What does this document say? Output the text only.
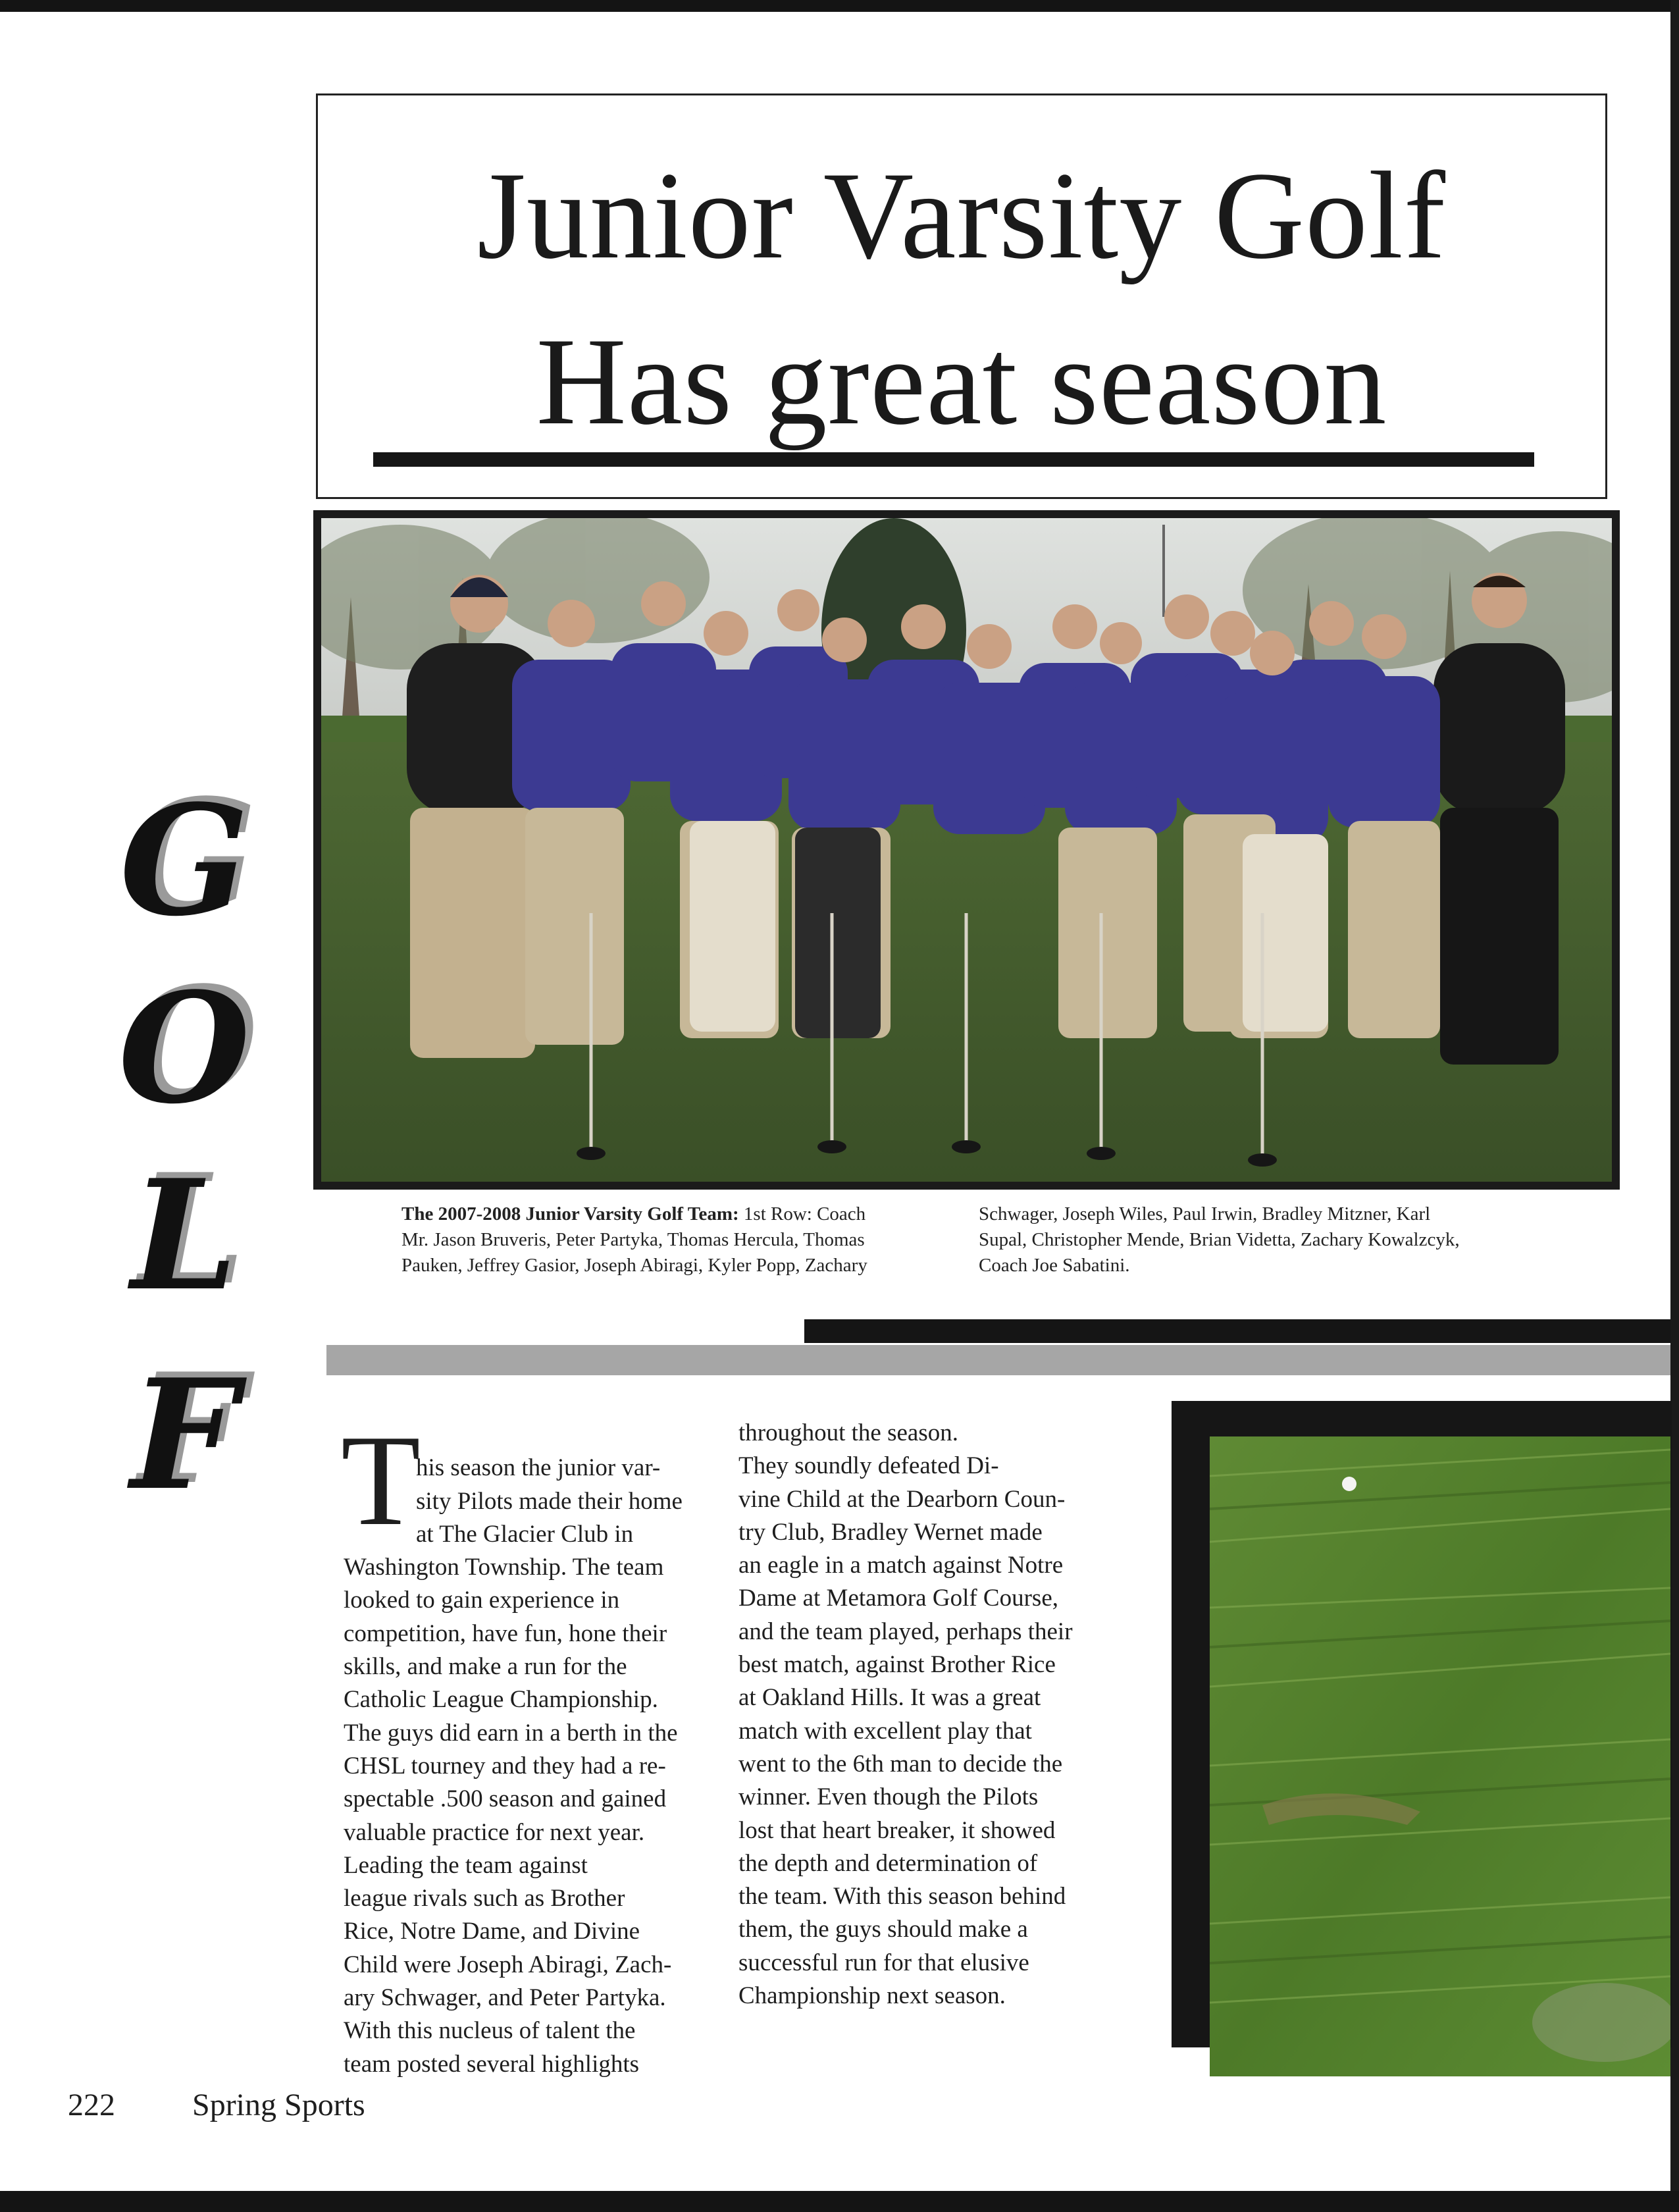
Junior Varsity Golf
Has great season

The 2007-2008 Junior Varsity Golf Team: 1st Row: Coach
Mr. Jason Bruveris, Peter Partyka, Thomas Hercula, Thomas
Pauken, Jeffrey Gasior, Joseph Abiragi, Kyler Popp, Zachary

Schwager, Joseph Wiles, Paul Irwin, Bradley Mitzner, Karl
Supal, Christopher Mende, Brian Videtta, Zachary Kowalzcyk,
Coach Joe Sabatini.

G
O
L
F T

his season the junior var-
sity Pilots made their home
at The Glacier Club in
Washington Township. The team
looked to gain experience in
competition, have fun, hone their
skills, and make a run for the
Catholic League Championship.
The guys did earn in a berth in the
CHSL tourney and they had a re-
spectable .500 season and gained
valuable practice for next year.
Leading the team against
league rivals such as Brother
Rice, Notre Dame, and Divine
Child were Joseph Abiragi, Zach-
ary Schwager, and Peter Partyka.
With this nucleus of talent the
team posted several highlights

throughout the season.
They soundly defeated Di-
vine Child at the Dearborn Coun-
try Club, Bradley Wernet made
an eagle in a match against Notre
Dame at Metamora Golf Course,
and the team played, perhaps their
best match, against Brother Rice
at Oakland Hills. It was a great
match with excellent play that
went to the 6th man to decide the
winner. Even though the Pilots
lost that heart breaker, it showed
the depth and determination of
the team. With this season behind
them, the guys should make a
successful run for that elusive
Championship next season.

222 Spring Sports
